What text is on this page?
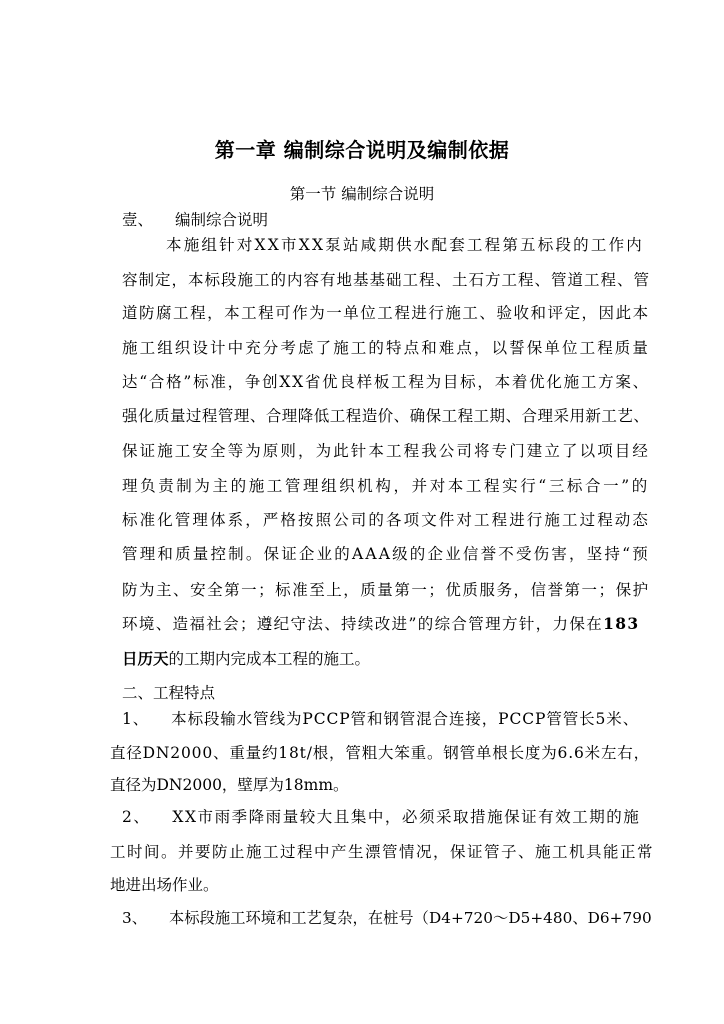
第一章 编制综合说明及编制依据
第一节 编制综合说明
壹、 编制综合说明
本施组针对XX市XX泵站咸期供水配套工程第五标段的工作内
容制定，本标段施工的内容有地基基础工程、土石方工程、管道工程、管
道防腐工程，本工程可作为一单位工程进行施工、验收和评定，因此本
施工组织设计中充分考虑了施工的特点和难点，以誓保单位工程质量
达“合格”标准，争创XX省优良样板工程为目标，本着优化施工方案、
强化质量过程管理、合理降低工程造价、确保工程工期、合理采用新工艺、
保证施工安全等为原则，为此针本工程我公司将专门建立了以项目经
理负责制为主的施工管理组织机构，并对本工程实行“三标合一”的
标准化管理体系，严格按照公司的各项文件对工程进行施工过程动态
管理和质量控制。保证企业的AAA级的企业信誉不受伤害，坚持“预
防为主、安全第一；标准至上，质量第一；优质服务，信誉第一；保护
环境、造福社会；遵纪守法、持续改进”的综合管理方针，力保在183
日历天的工期内完成本工程的施工。
二、工程特点
1、 本标段输水管线为PCCP管和钢管混合连接，PCCP管管长5米、
直径DN2000、重量约18t/根，管粗大笨重。钢管单根长度为6.6米左右，
直径为DN2000，壁厚为18mm。
2、 XX市雨季降雨量较大且集中，必须采取措施保证有效工期的施
工时间。并要防止施工过程中产生漂管情况，保证管子、施工机具能正常
地进出场作业。
3、 本标段施工环境和工艺复杂，在桩号（D4+720～D5+480、D6+790
